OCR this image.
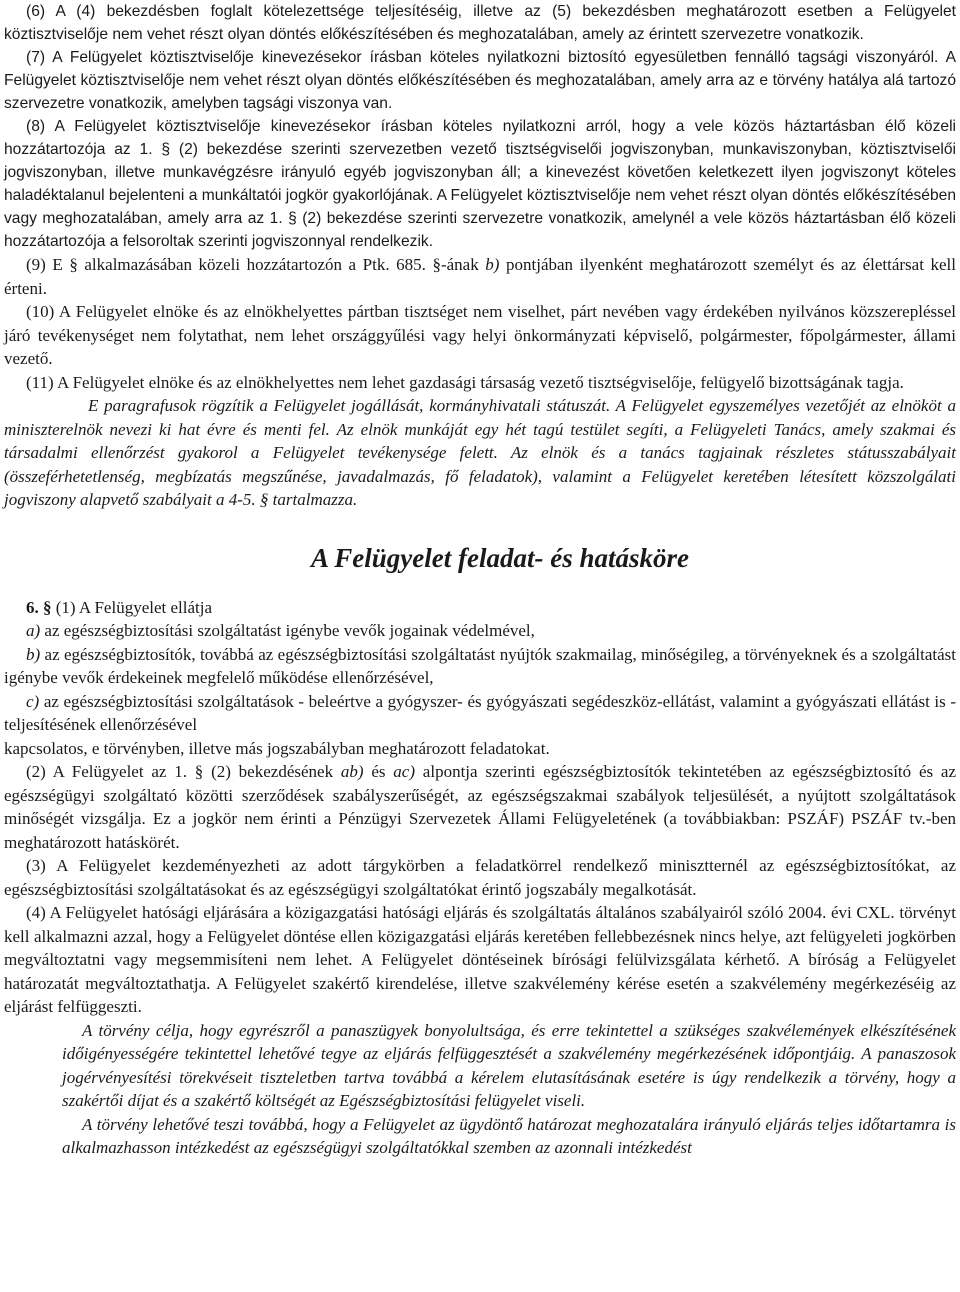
(6) A (4) bekezdésben foglalt kötelezettsége teljesítéséig, illetve az (5) bekezdésben meghatározott esetben a Felügyelet köztisztviselője nem vehet részt olyan döntés előkészítésében és meghozatalában, amely az érintett szervezetre vonatkozik.

(7) A Felügyelet köztisztviselője kinevezésekor írásban köteles nyilatkozni biztosító egyesületben fennálló tagsági viszonyáról. A Felügyelet köztisztviselője nem vehet részt olyan döntés előkészítésében és meghozatalában, amely arra az e törvény hatálya alá tartozó szervezetre vonatkozik, amelyben tagsági viszonya van.

(8) A Felügyelet köztisztviselője kinevezésekor írásban köteles nyilatkozni arról, hogy a vele közös háztartásban élő közeli hozzátartozója az 1. § (2) bekezdése szerinti szervezetben vezető tisztségviselői jogviszonyban, munkaviszonyban, köztisztviselői jogviszonyban, illetve munkavégzésre irányuló egyéb jogviszonyban áll; a kinevezést követően keletkezett ilyen jogviszonyt köteles haladéktalanul bejelenteni a munkáltatói jogkör gyakorlójának. A Felügyelet köztisztviselője nem vehet részt olyan döntés előkészítésében vagy meghozatalában, amely arra az 1. § (2) bekezdése szerinti szervezetre vonatkozik, amelynél a vele közös háztartásban élő közeli hozzátartozója a felsoroltak szerinti jogviszonnyal rendelkezik.

(9) E § alkalmazásában közeli hozzátartozón a Ptk. 685. §-ának b) pontjában ilyenként meghatározott személyt és az élettársat kell érteni.

(10) A Felügyelet elnöke és az elnökhelyettes pártban tisztséget nem viselhet, párt nevében vagy érdekében nyilvános közszerepléssel járó tevékenységet nem folytathat, nem lehet országgyűlési vagy helyi önkormányzati képviselő, polgármester, főpolgármester, állami vezető.

(11) A Felügyelet elnöke és az elnökhelyettes nem lehet gazdasági társaság vezető tisztségviselője, felügyelő bizottságának tagja.

E paragrafusok rögzítik a Felügyelet jogállását, kormányhivatali státuszát. A Felügyelet egyszemélyes vezetőjét az elnököt a miniszterelnök nevezi ki hat évre és menti fel. Az elnök munkáját egy hét tagú testület segíti, a Felügyeleti Tanács, amely szakmai és társadalmi ellenőrzést gyakorol a Felügyelet tevékenysége felett. Az elnök és a tanács tagjainak részletes státusszabályait (összeférhetetlenség, megbízatás megszűnése, javadalmazás, fő feladatok), valamint a Felügyelet keretében létesített közszolgálati jogviszony alapvető szabályait a 4-5. § tartalmazza.

A Felügyelet feladat- és hatásköre

6. § (1) A Felügyelet ellátja

a) az egészségbiztosítási szolgáltatást igénybe vevők jogainak védelmével,

b) az egészségbiztosítók, továbbá az egészségbiztosítási szolgáltatást nyújtók szakmailag, minőségileg, a törvényeknek és a szolgáltatást igénybe vevők érdekeinek megfelelő működése ellenőrzésével,

c) az egészségbiztosítási szolgáltatások - beleértve a gyógyszer- és gyógyászati segédeszköz-ellátást, valamint a gyógyászati ellátást is - teljesítésének ellenőrzésével

kapcsolatos, e törvényben, illetve más jogszabályban meghatározott feladatokat.

(2) A Felügyelet az 1. § (2) bekezdésének ab) és ac) alpontja szerinti egészségbiztosítók tekintetében az egészségbiztosító és az egészségügyi szolgáltató közötti szerződések szabályszerűségét, az egészségszakmai szabályok teljesülését, a nyújtott szolgáltatások minőségét vizsgálja. Ez a jogkör nem érinti a Pénzügyi Szervezetek Állami Felügyeletének (a továbbiakban: PSZÁF) PSZÁF tv.-ben meghatározott hatáskörét.

(3) A Felügyelet kezdeményezheti az adott tárgykörben a feladatkörrel rendelkező minisztternél az egészségbiztosítókat, az egészségbiztosítási szolgáltatásokat és az egészségügyi szolgáltatókat érintő jogszabály megalkotását.

(4) A Felügyelet hatósági eljárására a közigazgatási hatósági eljárás és szolgáltatás általános szabályairól szóló 2004. évi CXL. törvényt kell alkalmazni azzal, hogy a Felügyelet döntése ellen közigazgatási eljárás keretében fellebbezésnek nincs helye, azt felügyeleti jogkörben megváltoztatni vagy megsemmisíteni nem lehet. A Felügyelet döntéseinek bírósági felülvizsgálata kérhető. A bíróság a Felügyelet határozatát megváltoztathatja. A Felügyelet szakértő kirendelése, illetve szakvélemény kérése esetén a szakvélemény megérkezéséig az eljárást felfüggeszti.

A törvény célja, hogy egyrészről a panaszügyek bonyolultsága, és erre tekintettel a szükséges szakvélemények elkészítésének időigényességére tekintettel lehetővé tegye az eljárás felfüggesztését a szakvélemény megérkezésének időpontjáig. A panaszosok jogérvényesítési törekvéseit tiszteletben tartva továbbá a kérelem elutasításának esetére is úgy rendelkezik a törvény, hogy a szakértői díjat és a szakértő költségét az Egészségbiztosítási felügyelet viseli.

A törvény lehetővé teszi továbbá, hogy a Felügyelet az ügydöntő határozat meghozatalára irányuló eljárás teljes időtartamra is alkalmazhasson intézkedést az egészségügyi szolgáltatókkal szemben az azonnali intézkedést
